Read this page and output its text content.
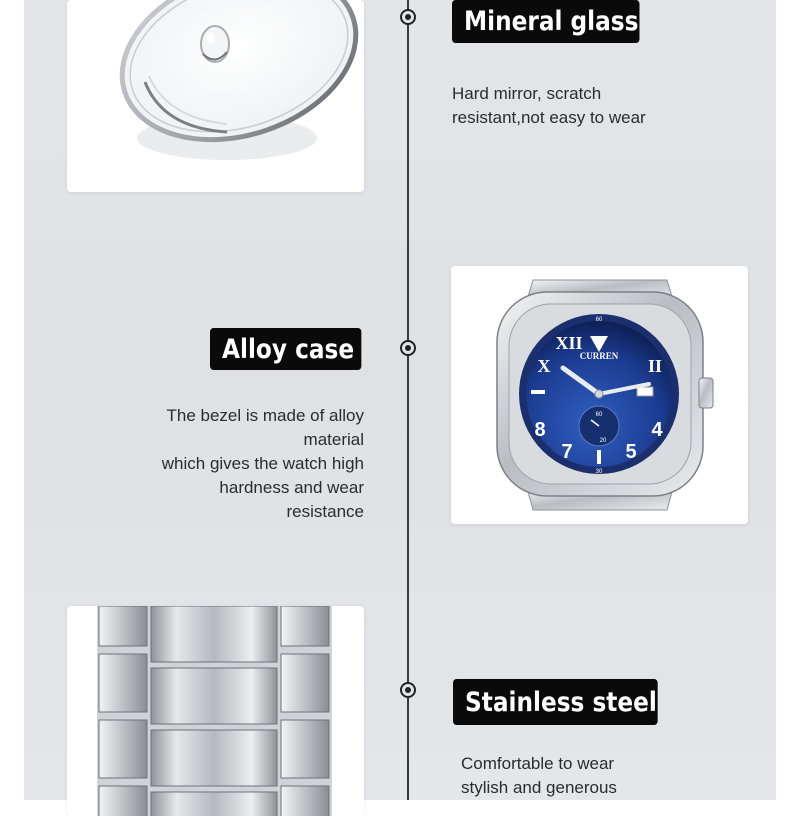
Mineral glass
Hard mirror, scratch
resistant,not easy to wear
Alloy case
The bezel is made of alloy
material
which gives the watch high
hardness and wear
resistance
60
30
XII
X	II
8	4
7	5
CURREN
60
20
Stainless steel
Comfortable to wear
stylish and generous
